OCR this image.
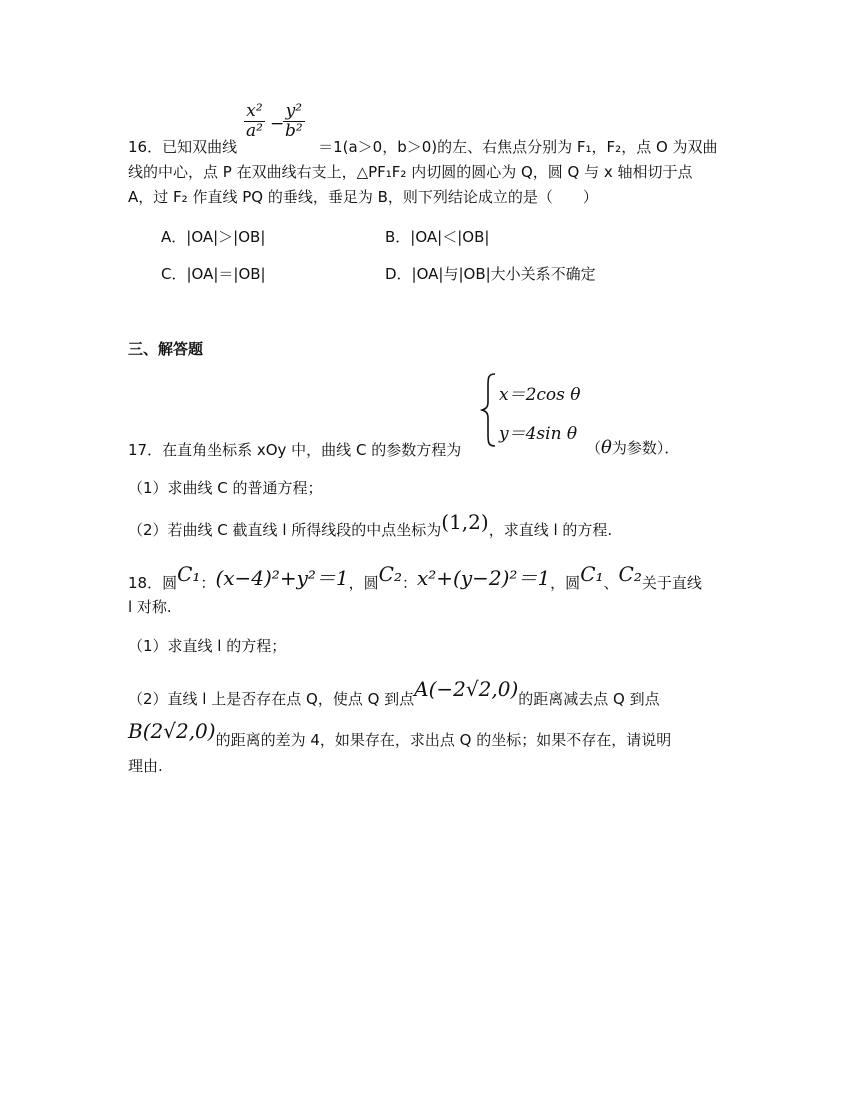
$\frac{\text{x²}}{\text{a²}}$ −
$\frac{\text{y²}}{\text{b²}}$
16．已知双曲线	＝1(a＞0，b＞0)的左、右焦点分别为 F₁，F₂，点 O 为双曲
线的中心，点 P 在双曲线右支上，△PF₁F₂ 内切圆的圆心为 Q，圆 Q 与 x 轴相切于点
A，过 F₂ 作直线 PQ 的垂线，垂足为 B，则下列结论成立的是（　　）
A．|OA|＞|OB|	B．|OA|＜|OB|
C．|OA|＝|OB|	D．|OA|与|OB|大小关系不确定
三、解答题
x＝2cos θ
y＝4sin θ
17．在直角坐标系 xOy 中，曲线 C 的参数方程为	（θ为参数）．
（1）求曲线 C 的普通方程；
（2）若曲线 C 截直线 l 所得线段的中点坐标为(1,2)，求直线 l 的方程.
18．圆C₁：(x−4)²+y²＝1，圆C₂：x²+(y−2)²＝1，圆C₁、C₂关于直线
l 对称.
（1）求直线 l 的方程；
（2）直线 l 上是否存在点 Q，使点 Q 到点A(−2√2,0)的距离减去点 Q 到点
B(2√2,0)的距离的差为 4，如果存在，求出点 Q 的坐标；如果不存在，请说明
理由.
